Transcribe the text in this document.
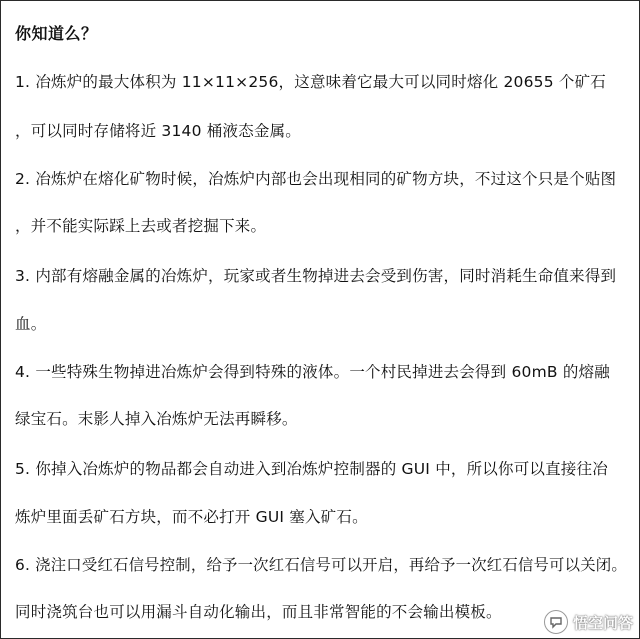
你知道么？
1. 冶炼炉的最大体积为 11×11×256，这意味着它最大可以同时熔化 20655 个矿石
，可以同时存储将近 3140 桶液态金属。
2. 冶炼炉在熔化矿物时候，冶炼炉内部也会出现相同的矿物方块，不过这个只是个贴图
，并不能实际踩上去或者挖掘下来。
3. 内部有熔融金属的冶炼炉，玩家或者生物掉进去会受到伤害，同时消耗生命值来得到
血。
4. 一些特殊生物掉进冶炼炉会得到特殊的液体。一个村民掉进去会得到 60mB 的熔融
绿宝石。末影人掉入冶炼炉无法再瞬移。
5. 你掉入冶炼炉的物品都会自动进入到冶炼炉控制器的 GUI 中，所以你可以直接往冶
炼炉里面丢矿石方块，而不必打开 GUI 塞入矿石。
6. 浇注口受红石信号控制，给予一次红石信号可以开启，再给予一次红石信号可以关闭。
同时浇筑台也可以用漏斗自动化输出，而且非常智能的不会输出模板。
悟空问答
